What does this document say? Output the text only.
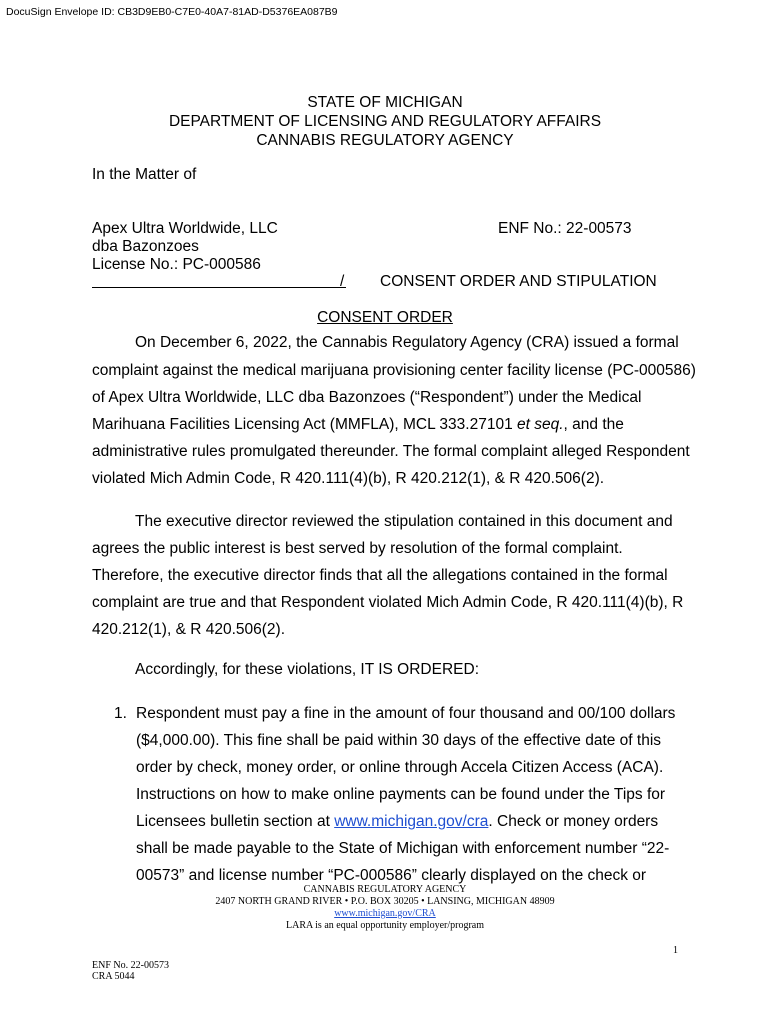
DocuSign Envelope ID: CB3D9EB0-C7E0-40A7-81AD-D5376EA087B9
STATE OF MICHIGAN
DEPARTMENT OF LICENSING AND REGULATORY AFFAIRS
CANNABIS REGULATORY AGENCY
In the Matter of
Apex Ultra Worldwide, LLC
dba Bazonzoes
License No.: PC-000586
ENF No.: 22-00573
/ CONSENT ORDER AND STIPULATION
CONSENT ORDER
On December 6, 2022, the Cannabis Regulatory Agency (CRA) issued a formal
complaint against the medical marijuana provisioning center facility license (PC-000586)
of Apex Ultra Worldwide, LLC dba Bazonzoes (“Respondent”) under the Medical
Marihuana Facilities Licensing Act (MMFLA), MCL 333.27101 et seq., and the
administrative rules promulgated thereunder. The formal complaint alleged Respondent
violated Mich Admin Code, R 420.111(4)(b), R 420.212(1), & R 420.506(2).
The executive director reviewed the stipulation contained in this document and
agrees the public interest is best served by resolution of the formal complaint.
Therefore, the executive director finds that all the allegations contained in the formal
complaint are true and that Respondent violated Mich Admin Code, R 420.111(4)(b), R
420.212(1), & R 420.506(2).
Accordingly, for these violations, IT IS ORDERED:
1. Respondent must pay a fine in the amount of four thousand and 00/100 dollars
($4,000.00). This fine shall be paid within 30 days of the effective date of this
order by check, money order, or online through Accela Citizen Access (ACA).
Instructions on how to make online payments can be found under the Tips for
Licensees bulletin section at www.michigan.gov/cra. Check or money orders
shall be made payable to the State of Michigan with enforcement number “22-
00573” and license number “PC-000586” clearly displayed on the check or
CANNABIS REGULATORY AGENCY
2407 NORTH GRAND RIVER • P.O. BOX 30205 • LANSING, MICHIGAN 48909
www.michigan.gov/CRA
LARA is an equal opportunity employer/program
1
ENF No. 22-00573
CRA 5044
